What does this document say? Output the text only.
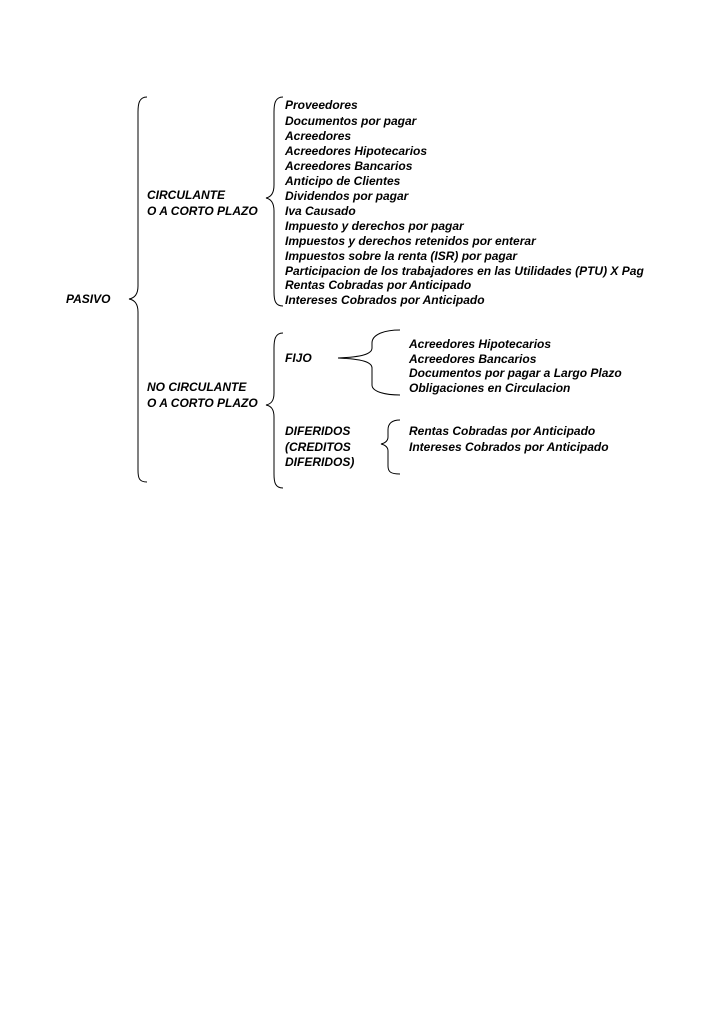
PASIVO

CIRCULANTE

O A CORTO PLAZO

Proveedores

Documentos por pagar

Acreedores

Acreedores Hipotecarios

Acreedores Bancarios

Anticipo de Clientes

Dividendos por pagar

Iva Causado

Impuesto y derechos por pagar

Impuestos y derechos retenidos por enterar

Impuestos sobre la renta (ISR) por pagar

Participacion de los trabajadores en las Utilidades (PTU) X Pag

Rentas Cobradas por Anticipado

Intereses Cobrados por Anticipado

NO CIRCULANTE

O A CORTO PLAZO

FIJO

Acreedores Hipotecarios

Acreedores Bancarios

Documentos por pagar a Largo Plazo

Obligaciones en Circulacion

DIFERIDOS

(CREDITOS

DIFERIDOS)

Rentas Cobradas por Anticipado

Intereses Cobrados por Anticipado
